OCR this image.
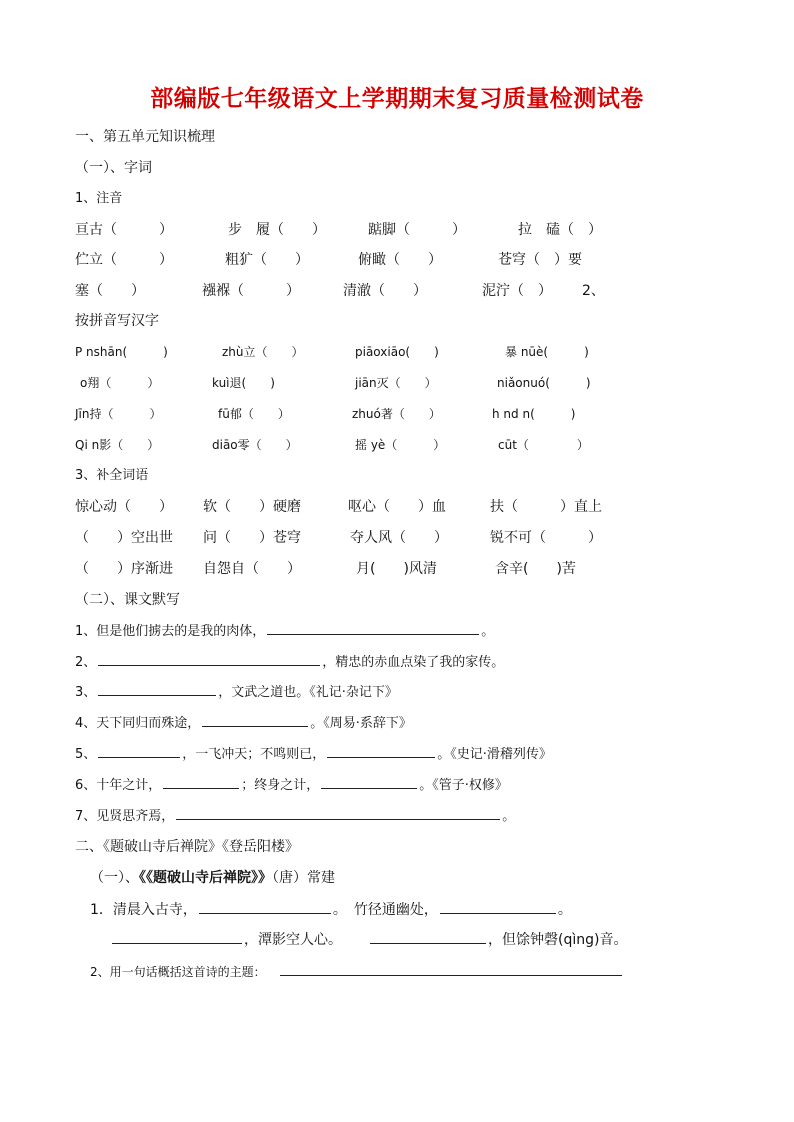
部编版七年级语文上学期期末复习质量检测试卷
一、第五单元知识梳理
（一）、字词
1、注音
亘古（　　　）	步　履（　　）	踮脚（　　　）	拉　磕（　）
伫立（　　　）	粗犷（　　）	俯瞰（　　）	苍穹（　）要
塞（　　）	襁褓（　　　）	清澈（　　）	泥泞（　） 2、
按拼音写汉字
P nshān(　　　)	zhù立（　　）	piāoxiāo(　　)	暴 nūè(　　　)
o翔（　　　）	kuì退(　　)	jiān灭（　　）	niǎonuó(　　　)
Jīn持（　　　）	fū郁（　　）	zhuó著（　　）	h nd n(　　　)
Qi n影（　　）	diāo零（　　）	摇 yè（　　　）	cūt（　　　　）
3、补全词语
惊心动（　　） 软（　　）硬磨	呕心（　　）血	扶（　　　）直上
（　　）空出世 问（　　）苍穹	夺人风（　　）	锐不可（　　　）
（　　）序渐进 自怨自（　　）	月(　　)风清	含辛(　　)苦
（二）、课文默写
1、但是他们掳去的是我的肉体，	。
2、	，精忠的赤血点染了我的家传。
3、	，文武之道也。《礼记·杂记下》
4、天下同归而殊途，	。《周易·系辞下》
5、	，一飞冲天；不鸣则已，	。《史记·滑稽列传》
6、十年之计，	；终身之计，	。《管子·权修》
7、见贤思齐焉，	。
二、《题破山寺后禅院》《登岳阳楼》
（一）、《《题破山寺后禅院》》（唐）常建
1．清晨入古寺，	。　竹径通幽处，	。
，潭影空人心。	，但馀钟磬(qìng)音。
2、用一句话概括这首诗的主题：
